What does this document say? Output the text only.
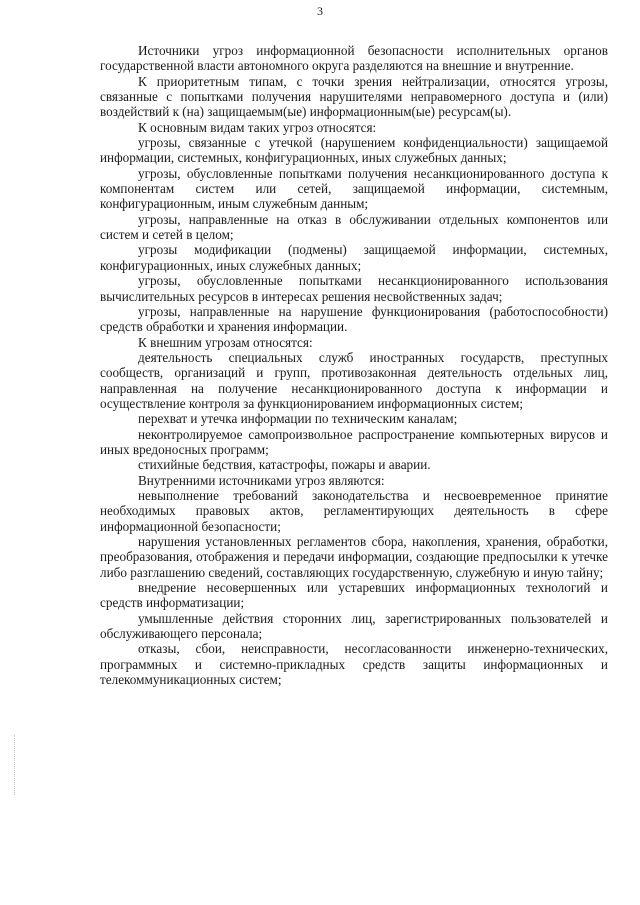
3

Источники угроз информационной безопасности исполнительных органов государственной власти автономного округа разделяются на внешние и внутренние.

К приоритетным типам, с точки зрения нейтрализации, относятся угрозы, связанные с попытками получения нарушителями неправомерного доступа и (или) воздействий к (на) защищаемым(ые) информационным(ые) ресурсам(ы).

К основным видам таких угроз относятся:

угрозы, связанные с утечкой (нарушением конфиденциальности) защищаемой информации, системных, конфигурационных, иных служебных данных;

угрозы, обусловленные попытками получения несанкционированного доступа к компонентам систем или сетей, защищаемой информации, системным, конфигурационным, иным служебным данным;

угрозы, направленные на отказ в обслуживании отдельных компонентов или систем и сетей в целом;

угрозы модификации (подмены) защищаемой информации, системных, конфигурационных, иных служебных данных;

угрозы, обусловленные попытками несанкционированного использования вычислительных ресурсов в интересах решения несвойственных задач;

угрозы, направленные на нарушение функционирования (работоспособности) средств обработки и хранения информации.

К внешним угрозам относятся:

деятельность специальных служб иностранных государств, преступных сообществ, организаций и групп, противозаконная деятельность отдельных лиц, направленная на получение несанкционированного доступа к информации и осуществление контроля за функционированием информационных систем;

перехват и утечка информации по техническим каналам;

неконтролируемое самопроизвольное распространение компьютерных вирусов и иных вредоносных программ;

стихийные бедствия, катастрофы, пожары и аварии.

Внутренними источниками угроз являются:

невыполнение требований законодательства и несвоевременное принятие необходимых правовых актов, регламентирующих деятельность в сфере информационной безопасности;

нарушения установленных регламентов сбора, накопления, хранения, обработки, преобразования, отображения и передачи информации, создающие предпосылки к утечке либо разглашению сведений, составляющих государственную, служебную и иную тайну;

внедрение несовершенных или устаревших информационных технологий и средств информатизации;

умышленные действия сторонних лиц, зарегистрированных пользователей и обслуживающего персонала;

отказы, сбои, неисправности, несогласованности инженерно-технических, программных и системно-прикладных средств защиты информационных и телекоммуникационных систем;
